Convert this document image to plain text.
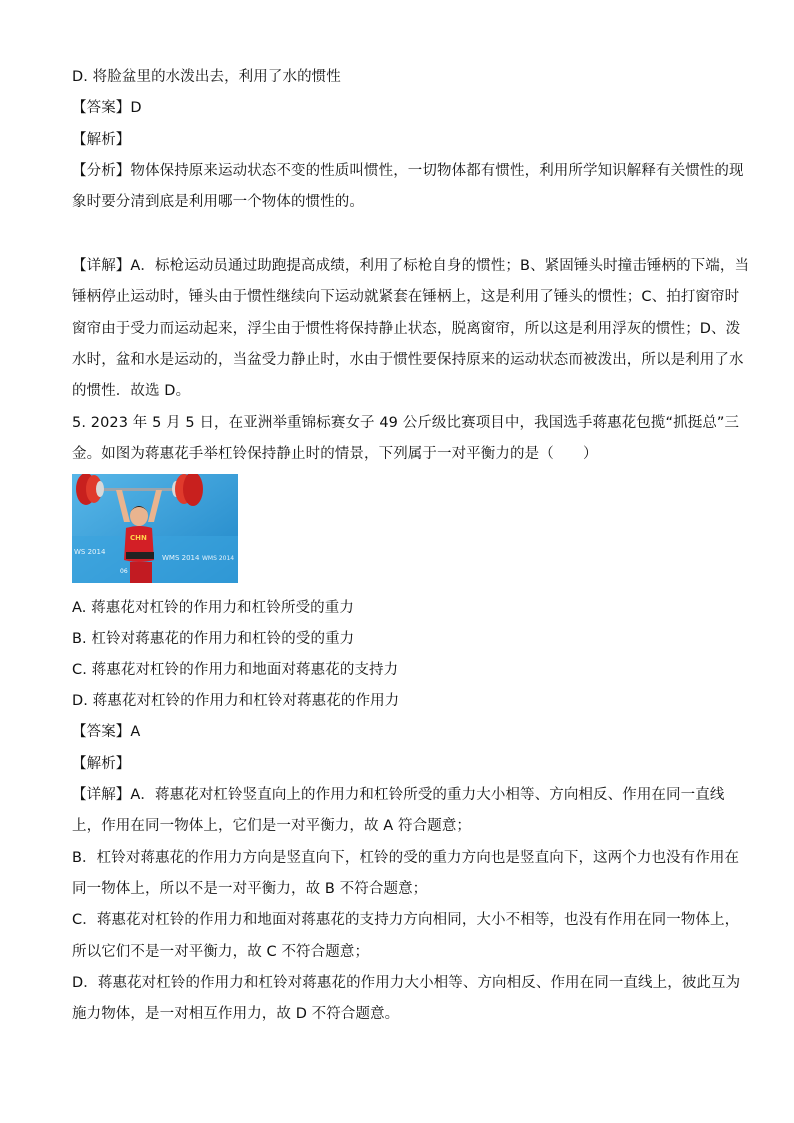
D. 将脸盆里的水泼出去，利用了水的惯性
【答案】D
【解析】
【分析】物体保持原来运动状态不变的性质叫惯性，一切物体都有惯性，利用所学知识解释有关惯性的现
象时要分清到底是利用哪一个物体的惯性的。
【详解】A．标枪运动员通过助跑提高成绩，利用了标枪自身的惯性；B、紧固锤头时撞击锤柄的下端，当
锤柄停止运动时，锤头由于惯性继续向下运动就紧套在锤柄上，这是利用了锤头的惯性；C、拍打窗帘时
窗帘由于受力而运动起来，浮尘由于惯性将保持静止状态，脱离窗帘，所以这是利用浮灰的惯性；D、泼
水时，盆和水是运动的，当盆受力静止时，水由于惯性要保持原来的运动状态而被泼出，所以是利用了水
的惯性．故选 D。
5. 2023 年 5 月 5 日，在亚洲举重锦标赛女子 49 公斤级比赛项目中，我国选手蒋惠花包揽“抓挺总”三
金。如图为蒋惠花手举杠铃保持静止时的情景，下列属于一对平衡力的是（　　）
WS 2014
WMS 2014 WMS 2014
CHN
06
A. 蒋惠花对杠铃的作用力和杠铃所受的重力
B. 杠铃对蒋惠花的作用力和杠铃的受的重力
C. 蒋惠花对杠铃的作用力和地面对蒋惠花的支持力
D. 蒋惠花对杠铃的作用力和杠铃对蒋惠花的作用力
【答案】A
【解析】
【详解】A．蒋惠花对杠铃竖直向上的作用力和杠铃所受的重力大小相等、方向相反、作用在同一直线
上，作用在同一物体上，它们是一对平衡力，故 A 符合题意；
B．杠铃对蒋惠花的作用力方向是竖直向下，杠铃的受的重力方向也是竖直向下，这两个力也没有作用在
同一物体上，所以不是一对平衡力，故 B 不符合题意；
C．蒋惠花对杠铃的作用力和地面对蒋惠花的支持力方向相同，大小不相等，也没有作用在同一物体上，
所以它们不是一对平衡力，故 C 不符合题意；
D．蒋惠花对杠铃的作用力和杠铃对蒋惠花的作用力大小相等、方向相反、作用在同一直线上，彼此互为
施力物体，是一对相互作用力，故 D 不符合题意。
